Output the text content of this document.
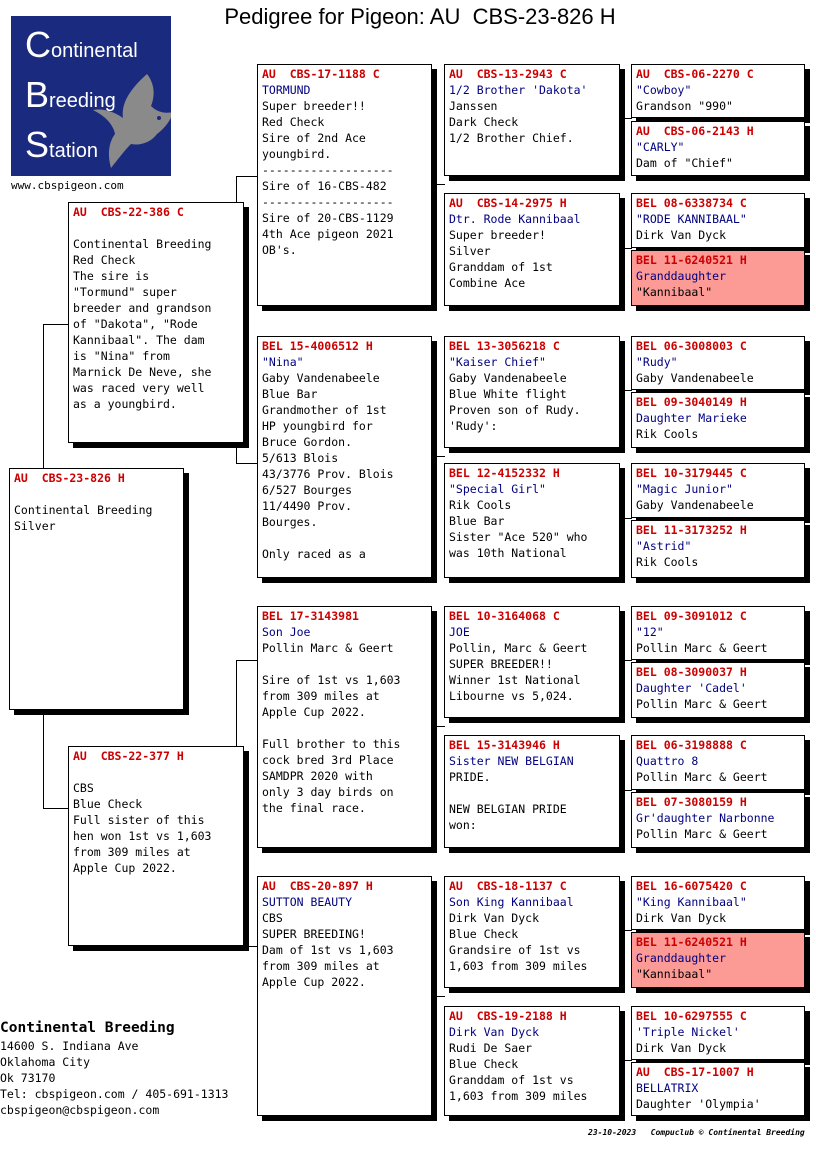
Pedigree for Pigeon: AU  CBS-23-826 H
Continental
Breeding
Station
www.cbspigeon.com
AU  CBS-23-826 H

Continental Breeding
Silver
AU  CBS-22-386 C

Continental Breeding
Red Check
The sire is
"Tormund" super
breeder and grandson
of "Dakota", "Rode
Kannibaal". The dam
is "Nina" from
Marnick De Neve, she
was raced very well
as a youngbird.
AU  CBS-22-377 H

CBS
Blue Check
Full sister of this
hen won 1st vs 1,603
from 309 miles at
Apple Cup 2022.
AU  CBS-17-1188 C
TORMUND
Super breeder!!
Red Check
Sire of 2nd Ace
youngbird.
-------------------
Sire of 16-CBS-482
-------------------
Sire of 20-CBS-1129
4th Ace pigeon 2021
OB's.
BEL 15-4006512 H
"Nina"
Gaby Vandenabeele
Blue Bar
Grandmother of 1st
HP youngbird for
Bruce Gordon.
5/613 Blois
43/3776 Prov. Blois
6/527 Bourges
11/4490 Prov.
Bourges.

Only raced as a
BEL 17-3143981
Son Joe
Pollin Marc & Geert

Sire of 1st vs 1,603
from 309 miles at
Apple Cup 2022.

Full brother to this
cock bred 3rd Place
SAMDPR 2020 with
only 3 day birds on
the final race.
AU  CBS-20-897 H
SUTTON BEAUTY
CBS
SUPER BREEDING!
Dam of 1st vs 1,603
from 309 miles at
Apple Cup 2022.
AU  CBS-13-2943 C
1/2 Brother 'Dakota'
Janssen
Dark Check
1/2 Brother Chief.
AU  CBS-14-2975 H
Dtr. Rode Kannibaal
Super breeder!
Silver
Granddam of 1st
Combine Ace
BEL 13-3056218 C
"Kaiser Chief"
Gaby Vandenabeele
Blue White flight
Proven son of Rudy.
'Rudy':
BEL 12-4152332 H
"Special Girl"
Rik Cools
Blue Bar
Sister "Ace 520" who
was 10th National
BEL 10-3164068 C
JOE
Pollin, Marc & Geert
SUPER BREEDER!!
Winner 1st National
Libourne vs 5,024.
BEL 15-3143946 H
Sister NEW BELGIAN
PRIDE.

NEW BELGIAN PRIDE
won:
AU  CBS-18-1137 C
Son King Kannibaal
Dirk Van Dyck
Blue Check
Grandsire of 1st vs
1,603 from 309 miles
AU  CBS-19-2188 H
Dirk Van Dyck
Rudi De Saer
Blue Check
Granddam of 1st vs
1,603 from 309 miles
AU  CBS-06-2270 C
"Cowboy"
Grandson "990"
AU  CBS-06-2143 H
"CARLY"
Dam of "Chief"
BEL 08-6338734 C
"RODE KANNIBAAL"
Dirk Van Dyck
BEL 11-6240521 H
Granddaughter
"Kannibaal"
BEL 06-3008003 C
"Rudy"
Gaby Vandenabeele
BEL 09-3040149 H
Daughter Marieke
Rik Cools
BEL 10-3179445 C
"Magic Junior"
Gaby Vandenabeele
BEL 11-3173252 H
"Astrid"
Rik Cools
BEL 09-3091012 C
"12"
Pollin Marc & Geert
BEL 08-3090037 H
Daughter 'Cadel'
Pollin Marc & Geert
BEL 06-3198888 C
Quattro 8
Pollin Marc & Geert
BEL 07-3080159 H
Gr'daughter Narbonne
Pollin Marc & Geert
BEL 16-6075420 C
"King Kannibaal"
Dirk Van Dyck
BEL 11-6240521 H
Granddaughter
"Kannibaal"
BEL 10-6297555 C
'Triple Nickel'
Dirk Van Dyck
AU  CBS-17-1007 H
BELLATRIX
Daughter 'Olympia'
Continental Breeding
14600 S. Indiana Ave
Oklahoma City
Ok 73170
Tel: cbspigeon.com / 405-691-1313
cbspigeon@cbspigeon.com
23-10-2023 Compuclub © Continental Breeding
